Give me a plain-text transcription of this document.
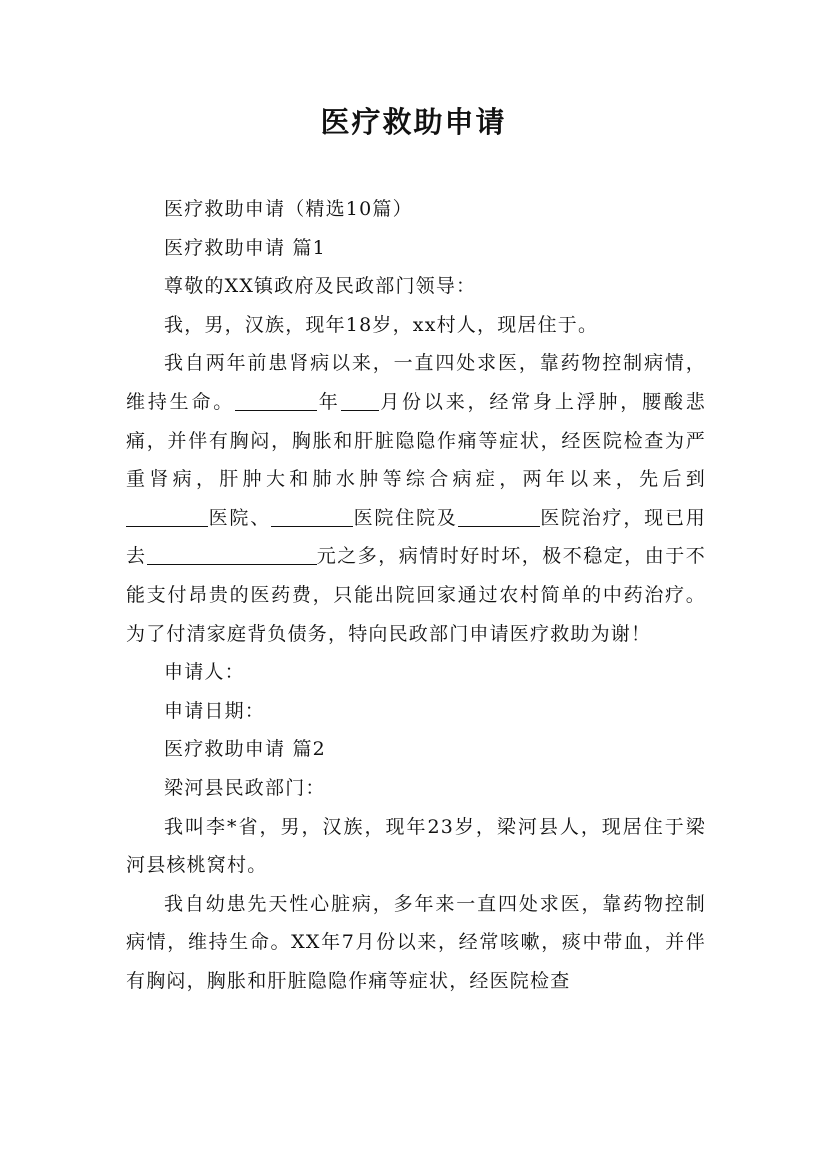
医疗救助申请

医疗救助申请（精选10篇）

医疗救助申请 篇1

尊敬的XX镇政府及民政部门领导：

我，男，汉族，现年18岁，xx村人，现居住于。

我自两年前患肾病以来，一直四处求医，靠药物控制病情，维持生命。	年 月份以来，经常身上浮肿，腰酸悲痛，并伴有胸闷，胸胀和肝脏隐隐作痛等症状，经医院检查为严重肾病，肝肿大和肺水肿等综合病症，两年以来，先后到医院、	医院住院及	医院治疗，现已用去	元之多，病情时好时坏，极不稳定，由于不能支付昂贵的医药费，只能出院回家通过农村简单的中药治疗。为了付清家庭背负债务，特向民政部门申请医疗救助为谢！

申请人：

申请日期：

医疗救助申请 篇2

梁河县民政部门：

我叫李*省，男，汉族，现年23岁，梁河县人，现居住于梁河县核桃窝村。

我自幼患先天性心脏病，多年来一直四处求医，靠药物控制病情，维持生命。XX年7月份以来，经常咳嗽，痰中带血，并伴有胸闷，胸胀和肝脏隐隐作痛等症状，经医院检查
